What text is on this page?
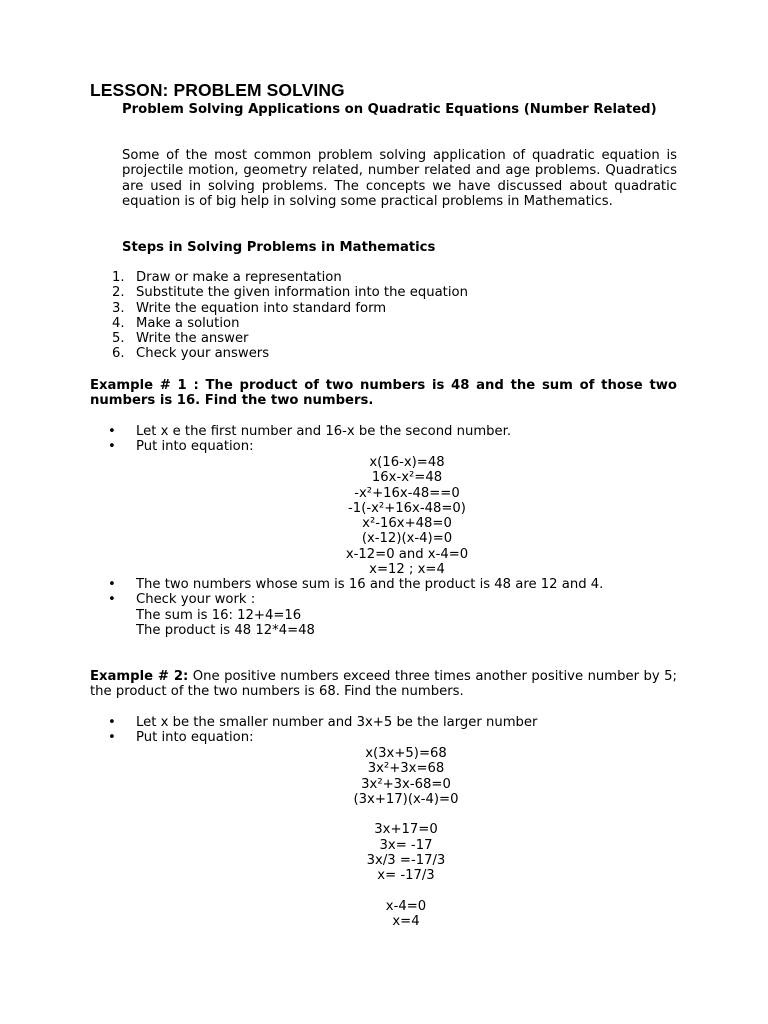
LESSON: PROBLEM SOLVING

Problem Solving Applications on Quadratic Equations (Number Related)

Some of the most common problem solving application of quadratic equation is projectile motion, geometry related, number related and age problems. Quadratics are used in solving problems. The concepts we have discussed about quadratic equation is of big help in solving some practical problems in Mathematics.

Steps in Solving Problems in Mathematics

1. Draw or make a representation
2. Substitute the given information into the equation
3. Write the equation into standard form
4. Make a solution
5. Write the answer
6. Check your answers

Example # 1 : The product of two numbers is 48 and the sum of those two numbers is 16. Find the two numbers.

•	Let x e the first number and 16-x be the second number.
•	Put into equation:
x(16-x)=48
16x-x²=48
-x²+16x-48==0
-1(-x²+16x-48=0)
x²-16x+48=0
(x-12)(x-4)=0
x-12=0 and x-4=0
x=12 ; x=4
•	The two numbers whose sum is 16 and the product is 48 are 12 and 4.
•	Check your work :
The sum is 16: 12+4=16
The product is 48 12*4=48

Example # 2: One positive numbers exceed three times another positive number by 5; the product of the two numbers is 68. Find the numbers.

•	Let x be the smaller number and 3x+5 be the larger number
•	Put into equation:
x(3x+5)=68
3x²+3x=68
3x²+3x-68=0
(3x+17)(x-4)=0
3x+17=0
3x= -17
3x/3 =-17/3
x= -17/3
x-4=0
x=4
